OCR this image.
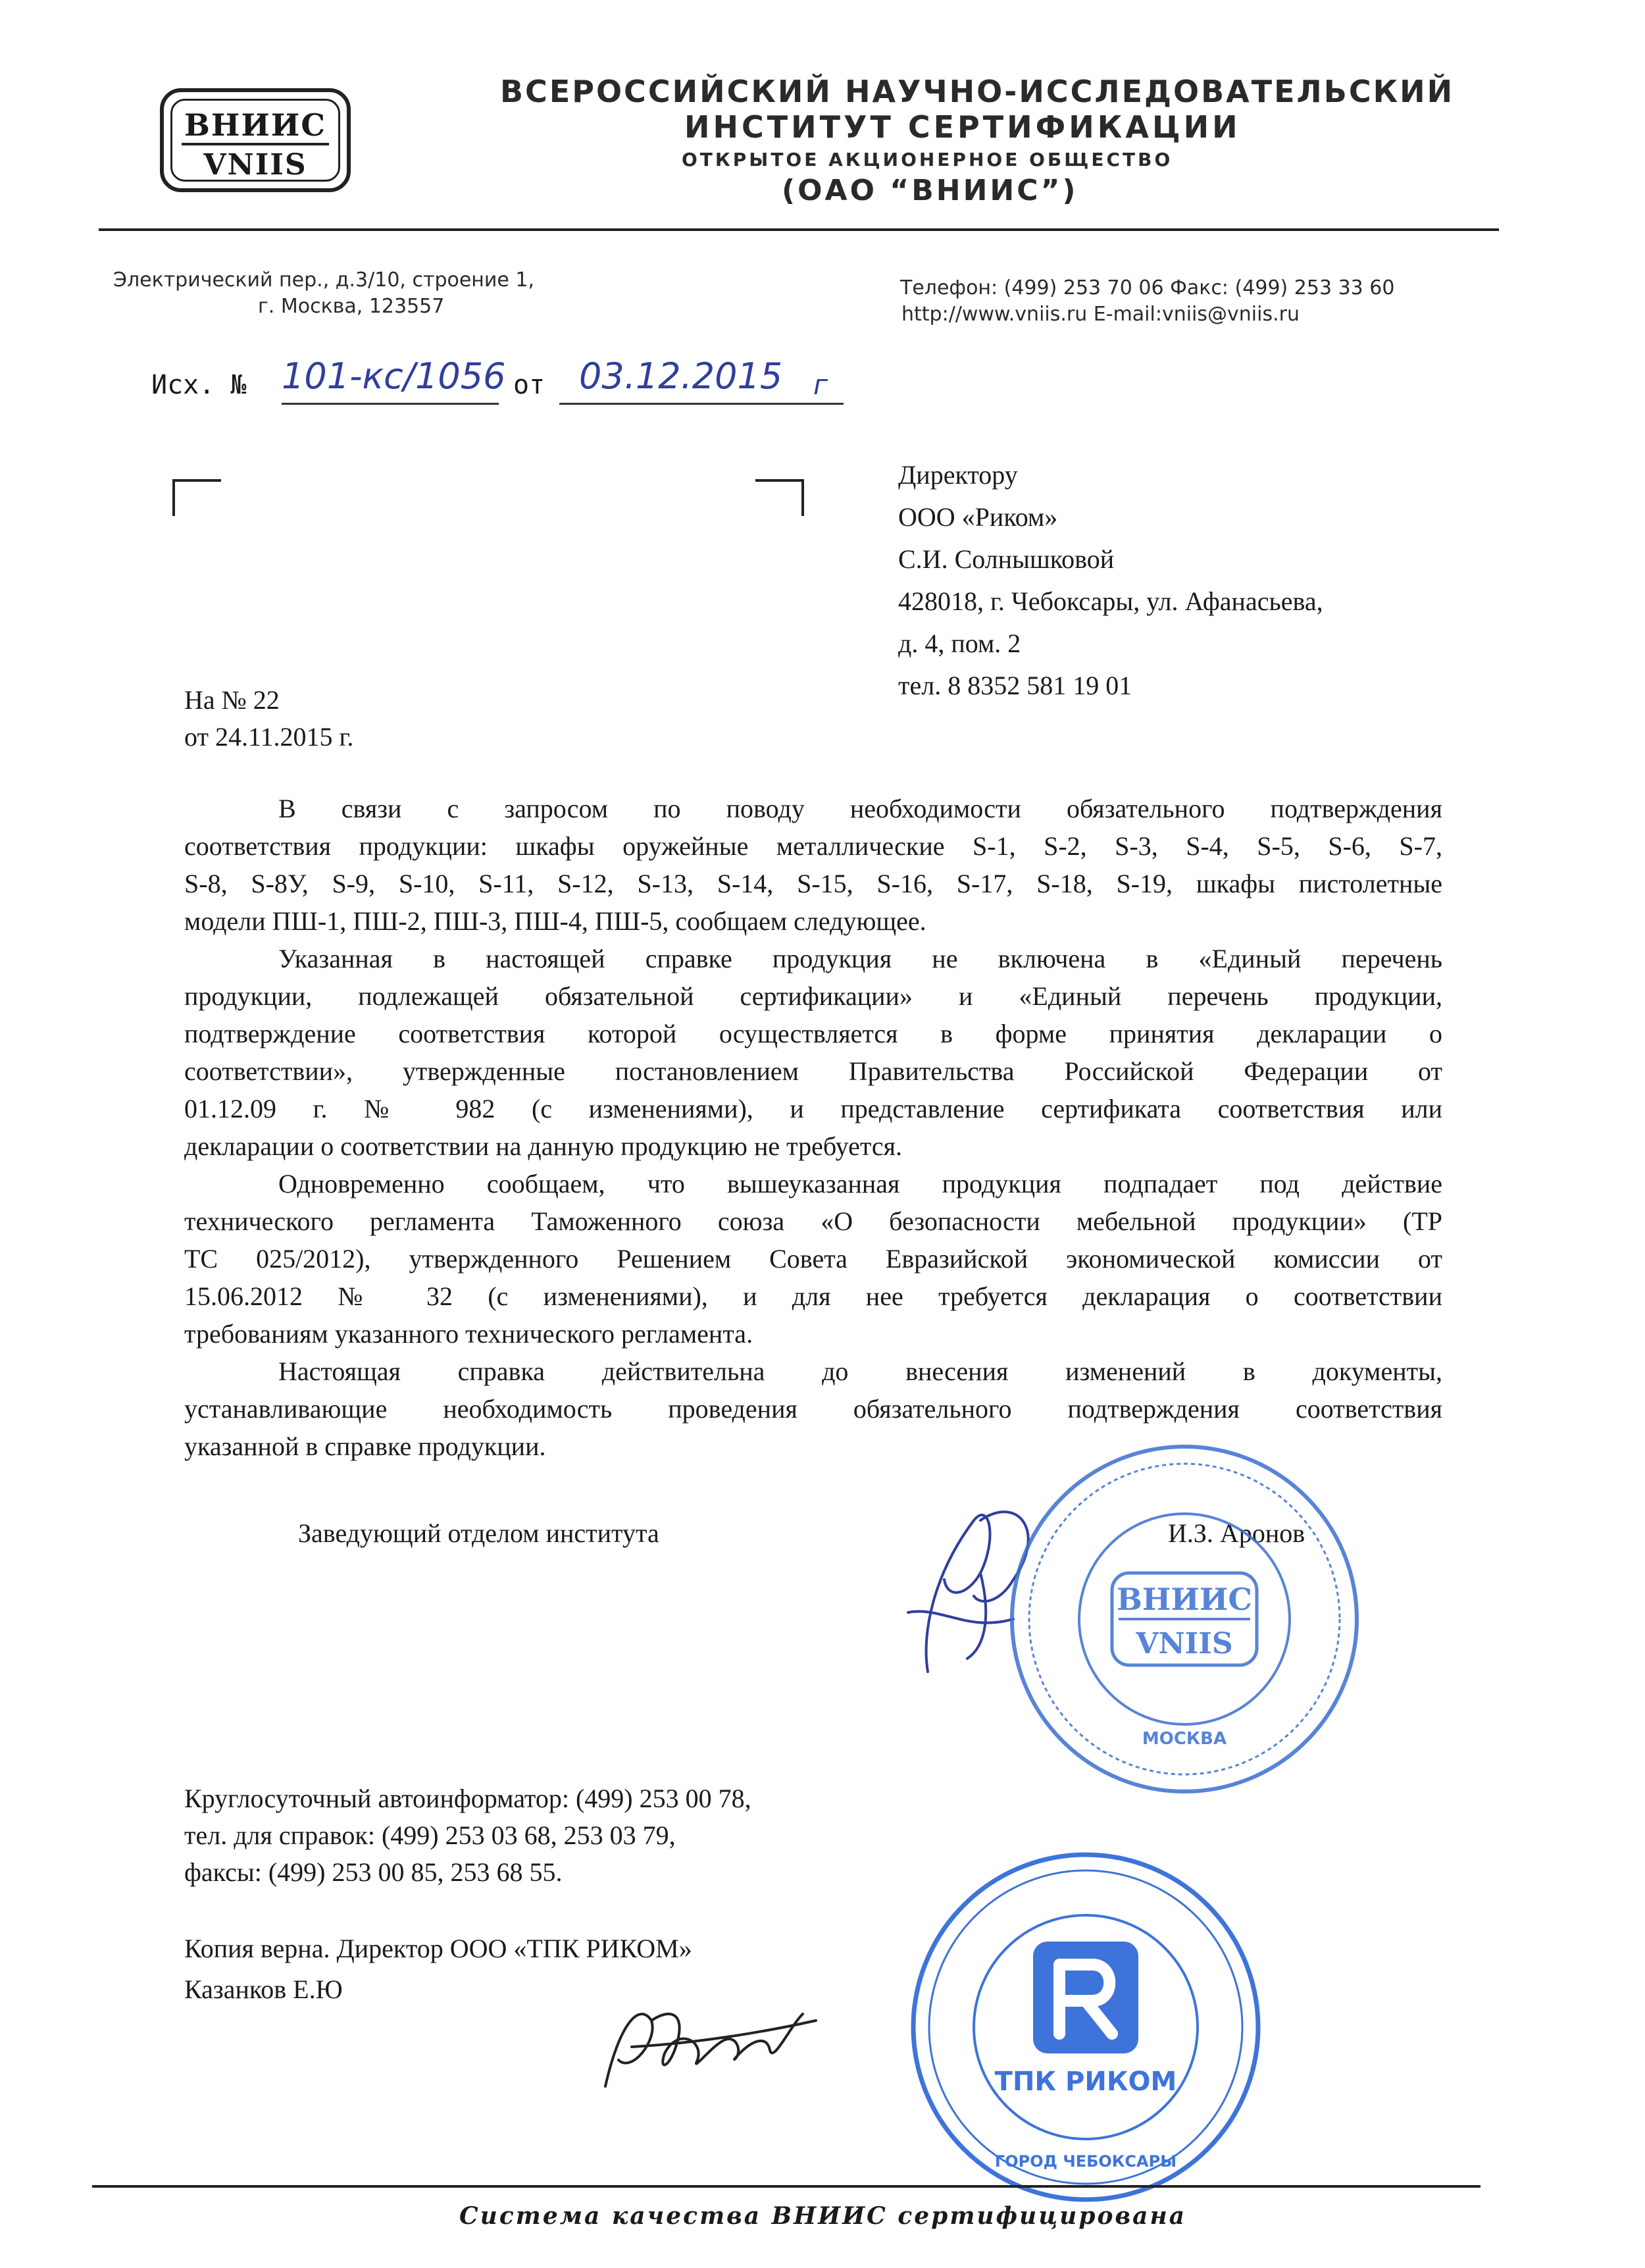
ВНИИС
VNIIS
ВСЕРОССИЙСКИЙ НАУЧНО-ИССЛЕДОВАТЕЛЬСКИЙ
ИНСТИТУТ СЕРТИФИКАЦИИ
ОТКРЫТОЕ АКЦИОНЕРНОЕ ОБЩЕСТВО
(ОАО “ВНИИС”)
Электрический пер., д.3/10, строение 1,
г. Москва, 123557
Телефон: (499) 253 70 06 Факс: (499) 253 33 60
http://www.vniis.ru E-mail:vniis@vniis.ru
Исх. № 101-кс/1056 от 03.12.2015 г
Директору
ООО «Риком»
С.И. Солнышковой
428018, г. Чебоксары, ул. Афанасьева,
д. 4, пом. 2
тел. 8 8352 581 19 01
На № 22
от 24.11.2015 г.
В связи с запросом по поводу необходимости обязательного подтверждения
соответствия продукции: шкафы оружейные металлические S-1, S-2, S-3, S-4, S-5, S-6, S-7,
S-8, S-8У, S-9, S-10, S-11, S-12, S-13, S-14, S-15, S-16, S-17, S-18, S-19, шкафы пистолетные
модели ПШ-1, ПШ-2, ПШ-3, ПШ-4, ПШ-5, сообщаем следующее.
Указанная в настоящей справке продукция не включена в «Единый перечень
продукции, подлежащей обязательной сертификации» и «Единый перечень продукции,
подтверждение соответствия которой осуществляется в форме принятия декларации о
соответствии», утвержденные постановлением Правительства Российской Федерации от
01.12.09 г. № 982 (с изменениями), и представление сертификата соответствия или
декларации о соответствии на данную продукцию не требуется.
Одновременно сообщаем, что вышеуказанная продукция подпадает под действие
технического регламента Таможенного союза «О безопасности мебельной продукции» (ТР
ТС 025/2012), утвержденного Решением Совета Евразийской экономической комиссии от
15.06.2012 № 32 (с изменениями), и для нее требуется декларация о соответствии
требованиям указанного технического регламента.
Настоящая справка действительна до внесения изменений в документы,
устанавливающие необходимость проведения обязательного подтверждения соответствия
указанной в справке продукции.
Заведующий отделом института	И.З. Аронов
ВНИИС
VNIIS
МОСКВА
Круглосуточный автоинформатор: (499) 253 00 78,
тел. для справок: (499) 253 03 68, 253 03 79,
факсы: (499) 253 00 85, 253 68 55.
Копия верна. Директор ООО «ТПК РИКОМ»
Казанков Е.Ю
ТПК РИКОМ
ГОРОД ЧЕБОКСАРЫ
Система качества ВНИИС сертифицирована
